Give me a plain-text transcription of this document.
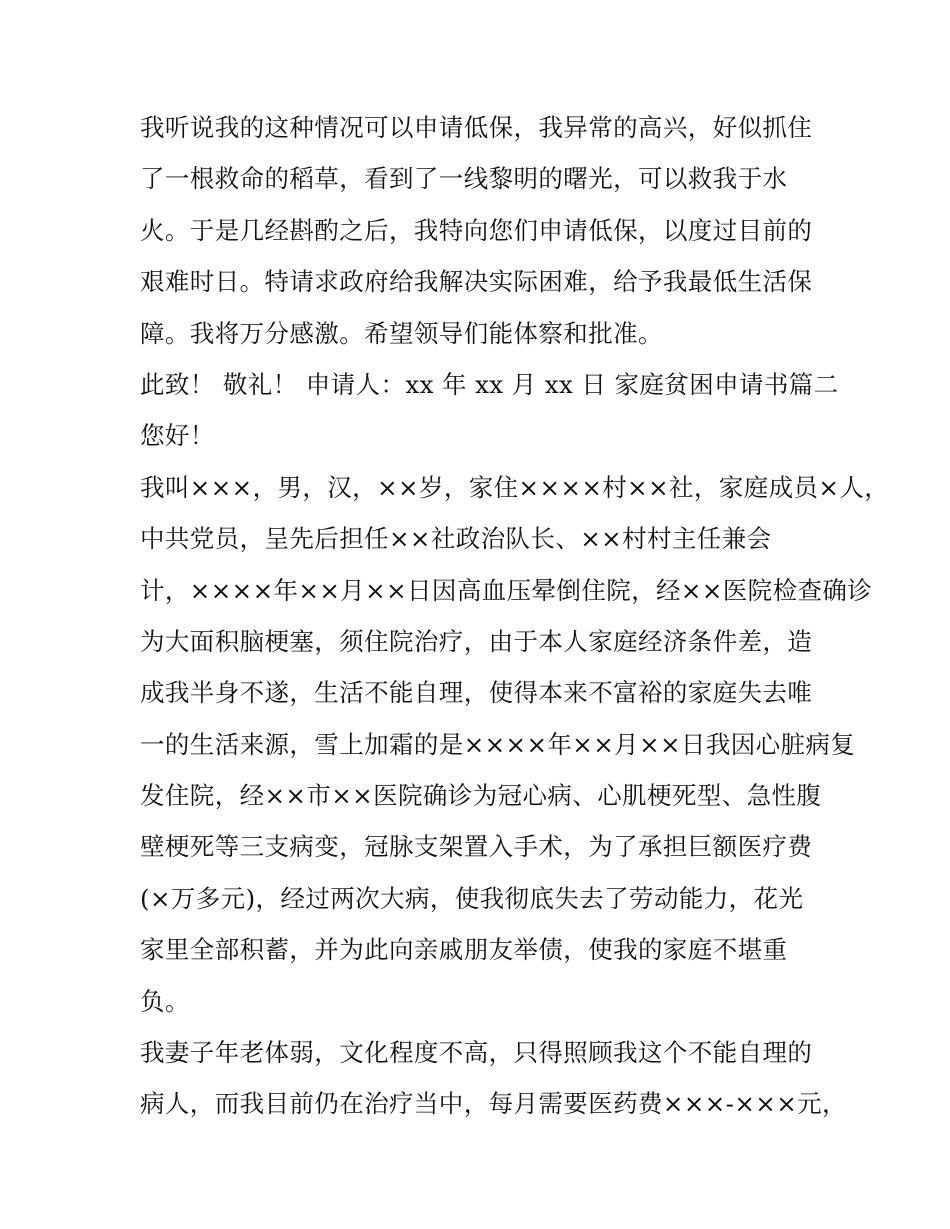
我听说我的这种情况可以申请低保，我异常的高兴，好似抓住
了一根救命的稻草，看到了一线黎明的曙光，可以救我于水
火。于是几经斟酌之后，我特向您们申请低保，以度过目前的
艰难时日。特请求政府给我解决实际困难，给予我最低生活保
障。我将万分感激。希望领导们能体察和批准。
此致！ 敬礼！ 申请人：xx 年 xx 月 xx 日 家庭贫困申请书篇二
您好！
我叫×××，男，汉，××岁，家住××××村××社，家庭成员×人，
中共党员，呈先后担任××社政治队长、××村村主任兼会
计，××××年××月××日因高血压晕倒住院，经××医院检查确诊
为大面积脑梗塞，须住院治疗，由于本人家庭经济条件差，造
成我半身不遂，生活不能自理，使得本来不富裕的家庭失去唯
一的生活来源，雪上加霜的是××××年××月××日我因心脏病复
发住院，经××市××医院确诊为冠心病、心肌梗死型、急性腹
壁梗死等三支病变，冠脉支架置入手术，为了承担巨额医疗费
(×万多元)，经过两次大病，使我彻底失去了劳动能力，花光
家里全部积蓄，并为此向亲戚朋友举债，使我的家庭不堪重
负。
我妻子年老体弱，文化程度不高，只得照顾我这个不能自理的
病人，而我目前仍在治疗当中，每月需要医药费×××-×××元，
